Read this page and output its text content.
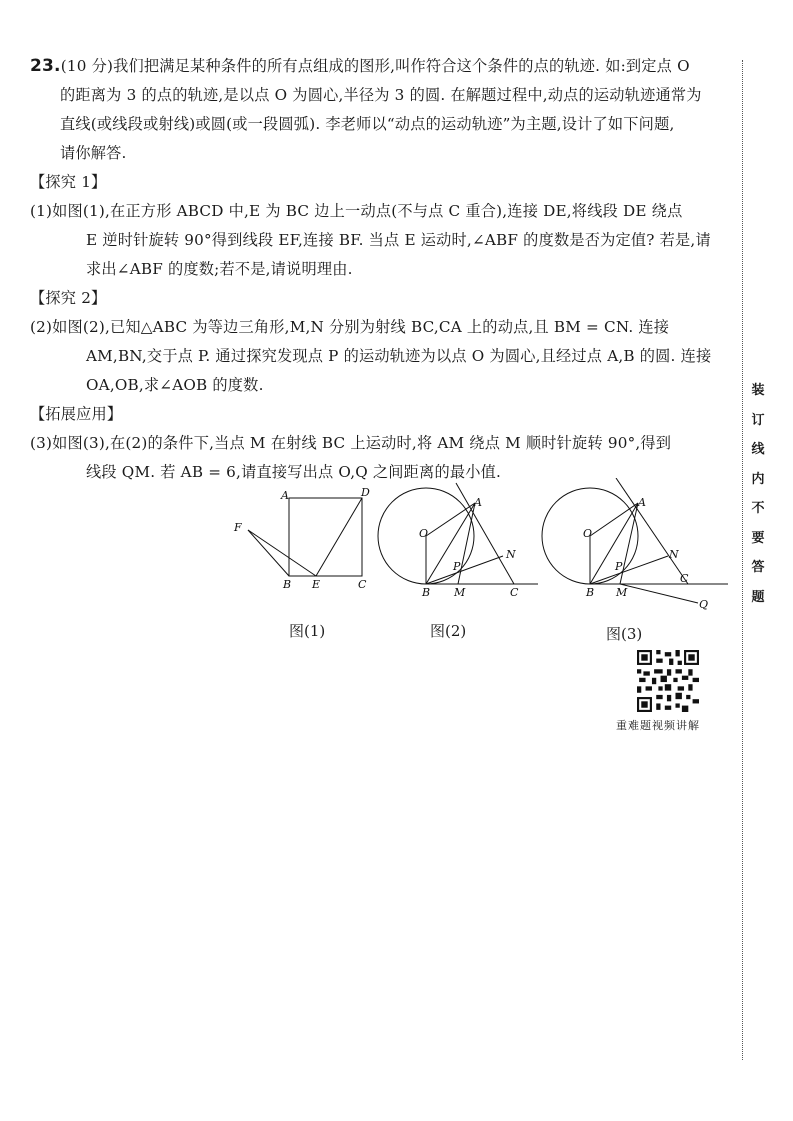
23.(10 分)我们把满足某种条件的所有点组成的图形,叫作符合这个条件的点的轨迹. 如:到定点 O
的距离为 3 的点的轨迹,是以点 O 为圆心,半径为 3 的圆. 在解题过程中,动点的运动轨迹通常为
直线(或线段或射线)或圆(或一段圆弧). 李老师以“动点的运动轨迹”为主题,设计了如下问题,
请你解答.
【探究 1】
(1)如图(1),在正方形 ABCD 中,E 为 BC 边上一动点(不与点 C 重合),连接 DE,将线段 DE 绕点
E 逆时针旋转 90°得到线段 EF,连接 BF. 当点 E 运动时,∠ABF 的度数是否为定值? 若是,请
求出∠ABF 的度数;若不是,请说明理由.
【探究 2】
(2)如图(2),已知△ABC 为等边三角形,M,N 分别为射线 BC,CA 上的动点,且 BM = CN. 连接
AM,BN,交于点 P. 通过探究发现点 P 的运动轨迹为以点 O 为圆心,且经过点 A,B 的圆. 连接
OA,OB,求∠AOB 的度数.
【拓展应用】
(3)如图(3),在(2)的条件下,当点 M 在射线 BC 上运动时,将 AM 绕点 M 顺时针旋转 90°,得到
线段 QM. 若 AB = 6,请直接写出点 O,Q 之间距离的最小值.
A	D
F
B E	C
A
O
N
P
B M	C
A
O
N
P
C
B M
Q
图(1)	图(2)	图(3)
重难题视频讲解
装
订
线
内
不
要
答
题
